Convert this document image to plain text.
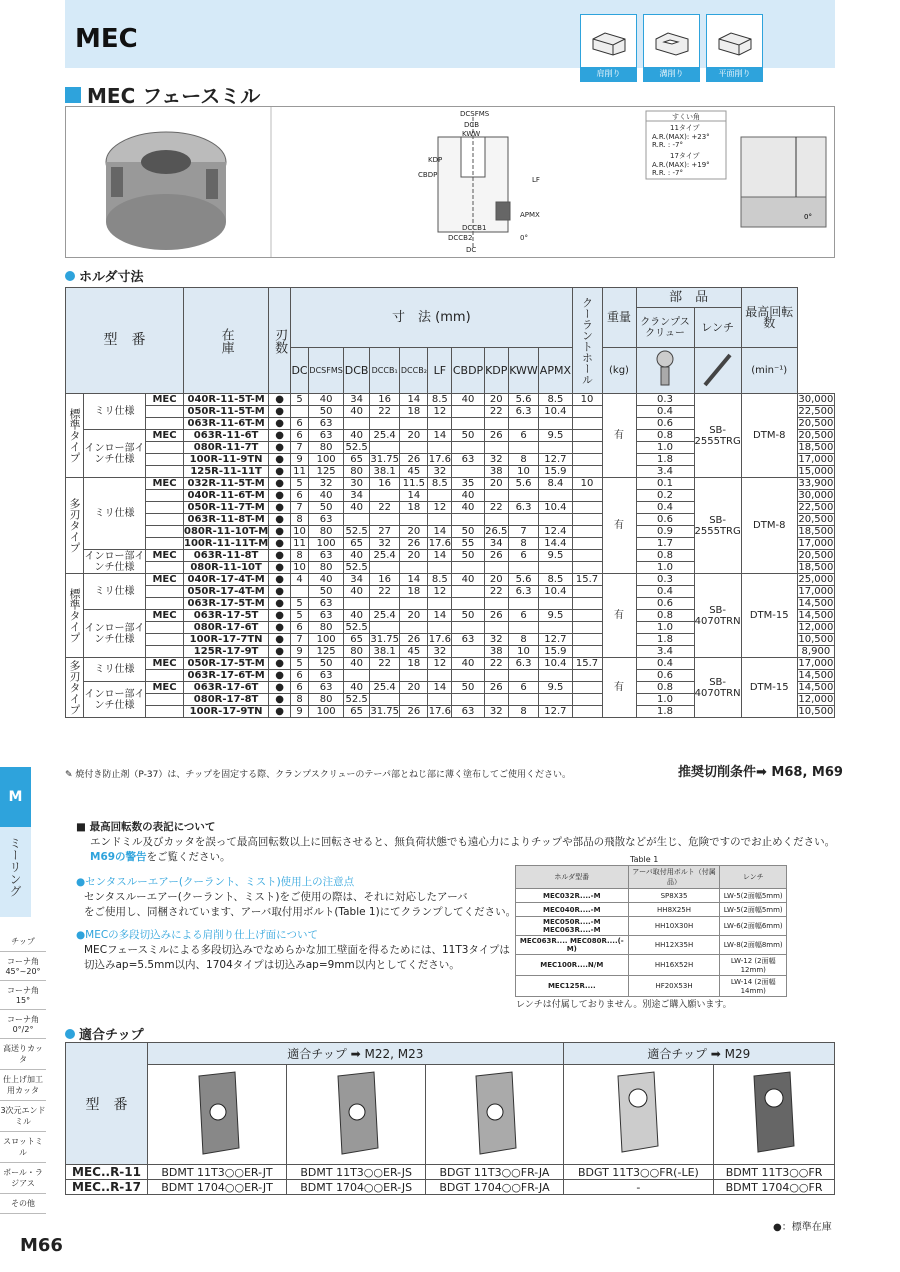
MEC
肩削り	溝削り	平面削り
MEC フェースミル
DCSFMS
DCB
KWW
CBDP
KDP
LF
APMX
DCCB1
DCCB2
DC
0°
すくい角
11タイプ
A.R.(MAX): +23°
R.R. : -7°
17タイプ
A.R.(MAX): +19°
R.R. : -7°
0°
ホルダ寸法
型　番			在庫	刃数	寸　法 (mm)										クーラントホール	重量	部　品		最高回転数	
																	クランプスクリュー	レンチ		
					DC	DCSFMS	DCB	DCCB₁	DCCB₂	LF	CBDP	KDP	KWW	APMX		(kg)			(min⁻¹)	
標準タイプ	ミリ仕様	MEC	040R-11-5T-M	●	5	40	34	16	14	8.5	40	20	5.6	8.5	10	有	0.3	SB-2555TRG	DTM-8	30,000
			050R-11-5T-M	●		50	40	22	18	12		22	6.3	10.4			0.4			22,500
			063R-11-6T-M	●	6	63											0.6			20,500
	インロー部インチ仕様	MEC	063R-11-6T	●	6	63	40	25.4	20	14	50	26	6	9.5			0.8			20,500
			080R-11-7T	●	7	80	52.5										1.0			18,500
			100R-11-9TN	●	9	100	65	31.75	26	17.6	63	32	8	12.7			1.8			17,000
			125R-11-11T	●	11	125	80	38.1	45	32		38	10	15.9			3.4			15,000
多刃タイプ	ミリ仕様	MEC	032R-11-5T-M	●	5	32	30	16	11.5	8.5	35	20	5.6	8.4	10	有	0.1	SB-2555TRG	DTM-8	33,900
			040R-11-6T-M	●	6	40	34		14		40						0.2			30,000
			050R-11-7T-M	●	7	50	40	22	18	12	40	22	6.3	10.4			0.4			22,500
			063R-11-8T-M	●	8	63											0.6			20,500
			080R-11-10T-M	●	10	80	52.5	27	20	14	50	26.5	7	12.4			0.9			18,500
			100R-11-11T-M	●	11	100	65	32	26	17.6	55	34	8	14.4			1.7			17,000
	インロー部インチ仕様	MEC	063R-11-8T	●	8	63	40	25.4	20	14	50	26	6	9.5			0.8			20,500
			080R-11-10T	●	10	80	52.5										1.0			18,500
標準タイプ	ミリ仕様	MEC	040R-17-4T-M	●	4	40	34	16	14	8.5	40	20	5.6	8.5	15.7	有	0.3	SB-4070TRN	DTM-15	25,000
			050R-17-4T-M	●		50	40	22	18	12		22	6.3	10.4			0.4			17,000
			063R-17-5T-M	●	5	63											0.6			14,500
	インロー部インチ仕様	MEC	063R-17-5T	●	5	63	40	25.4	20	14	50	26	6	9.5			0.8			14,500
			080R-17-6T	●	6	80	52.5										1.0			12,000
			100R-17-7TN	●	7	100	65	31.75	26	17.6	63	32	8	12.7			1.8			10,500
			125R-17-9T	●	9	125	80	38.1	45	32		38	10	15.9			3.4			8,900
多刃タイプ	ミリ仕様	MEC	050R-17-5T-M	●	5	50	40	22	18	12	40	22	6.3	10.4	15.7	有	0.4	SB-4070TRN	DTM-15	17,000
			063R-17-6T-M	●	6	63											0.6			14,500
	インロー部インチ仕様	MEC	063R-17-6T	●	6	63	40	25.4	20	14	50	26	6	9.5			0.8			14,500
			080R-17-8T	●	8	80	52.5										1.0			12,000
			100R-17-9TN	●	9	100	65	31.75	26	17.6	63	32	8	12.7			1.8			10,500
✎ 焼付き防止剤（P-37）は、チップを固定する際、クランプスクリューのテーパ部とねじ部に薄く塗布してご使用ください。	推奨切削条件➡ M68, M69
M
ミーリング
チップ
コーナ角45°~20°
コーナ角15°
コーナ角0°/2°
高送りカッタ
仕上げ加工用カッタ
3次元エンドミル
スロットミル
ボール・ラジアス
その他
■ 最高回転数の表記について
エンドミル及びカッタを誤って最高回転数以上に回転させると、無負荷状態でも遠心力によりチップや部品の飛散などが生じ、危険ですのでお止めください。
M69の警告をご覧ください。
●センタスルーエアー(クーラント、ミスト)使用上の注意点
センタスルーエアー(クーラント、ミスト)をご使用の際は、それに対応したアーバ
をご使用し、同梱されています、アーバ取付用ボルト(Table 1)にてクランプしてください。
●MECの多段切込みによる肩削り仕上げ面について
MECフェースミルによる多段切込みでなめらかな加工壁面を得るためには、11T3タイプは
切込みap=5.5mm以内、1704タイプは切込みap=9mm以内としてください。
Table 1
ホルダ型番	アーバ取付用ボルト（付属品）	レンチ
MEC032R....-M	SP8X35	LW-5(2面幅5mm)
MEC040R....-M	HH8X25H	LW-5(2面幅5mm)
MEC050R....-M MEC063R....-M	HH10X30H	LW-6(2面幅6mm)
MEC063R.... MEC080R....(-M)	HH12X35H	LW-8(2面幅8mm)
MEC100R....N/M	HH16X52H	LW-12 (2面幅12mm)
MEC125R....	HF20X53H	LW-14 (2面幅14mm)
レンチは付属しておりません。別途ご購入願います。
適合チップ
型　番	適合チップ ➡ M22, M23			適合チップ ➡ M29	

MEC..R-11	BDMT 11T3○○ER-JT	BDMT 11T3○○ER-JS	BDGT 11T3○○FR-JA	BDGT 11T3○○FR(-LE)	BDMT 11T3○○FR
MEC..R-17	BDMT 1704○○ER-JT	BDMT 1704○○ER-JS	BDGT 1704○○FR-JA	-	BDMT 1704○○FR
●：標準在庫
M66
